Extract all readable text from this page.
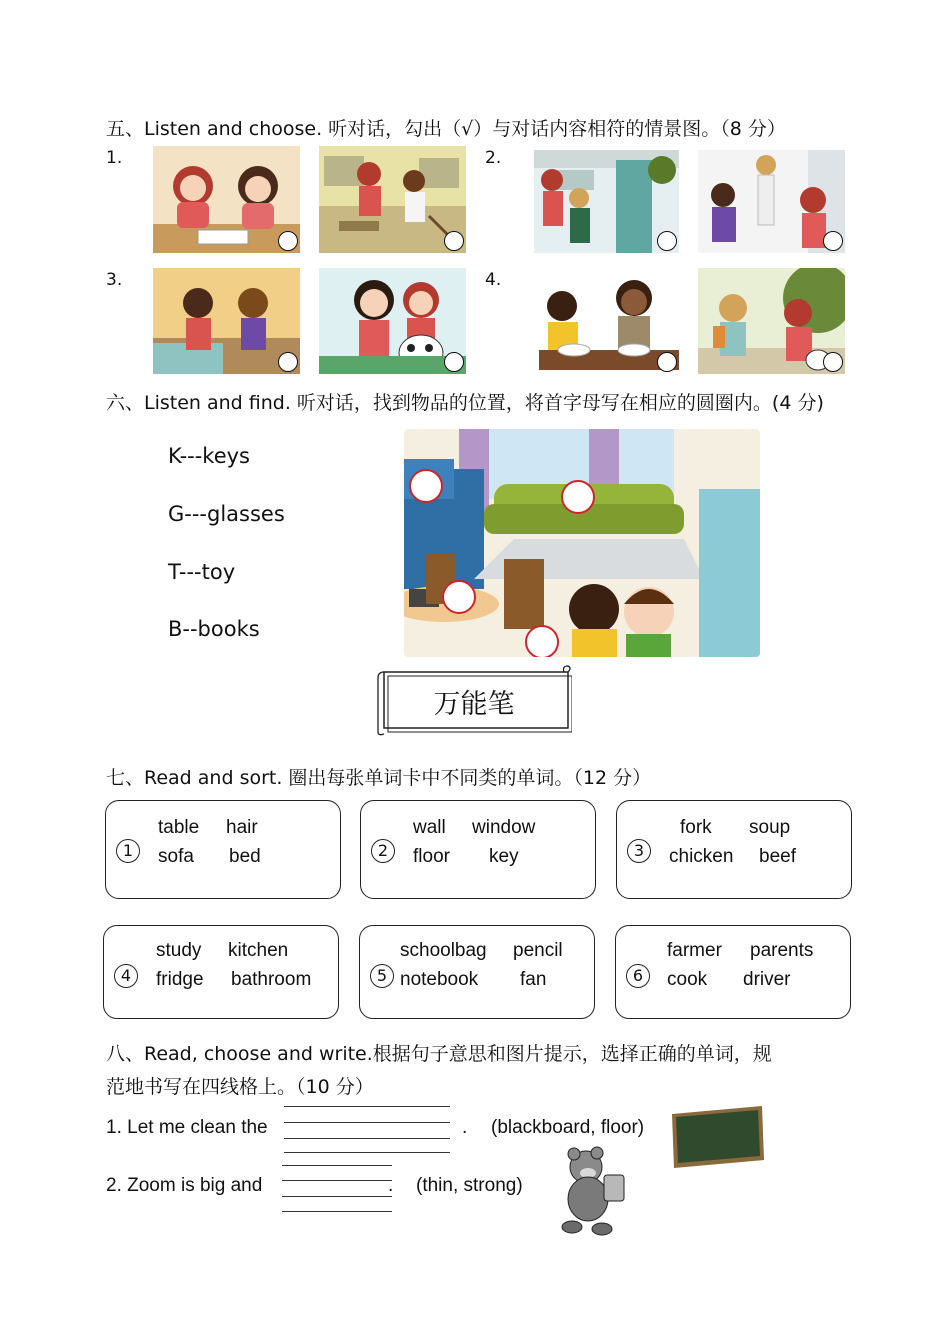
五、Listen and choose. 听对话，勾出（√）与对话内容相符的情景图。（8 分）
1.	2.
3.	4.
六、Listen and find. 听对话，找到物品的位置，将首字母写在相应的圆圈内。(4 分)
K---keys
G---glasses
T---toy
B--books
万能笔
七、Read and sort. 圈出每张单词卡中不同类的单词。（12 分）
1
table hair
sofa bed	2
wall window
floor key	3
fork soup
chicken beef
4
study kitchen
fridge bathroom	5
schoolbag pencil
notebook fan	6
farmer parents
cook driver
八、Read, choose and write.根据句子意思和图片提示，选择正确的单词，规
范地书写在四线格上。（10 分）
1. Let me clean the	. (blackboard, floor)
2. Zoom is big and	. (thin, strong)
